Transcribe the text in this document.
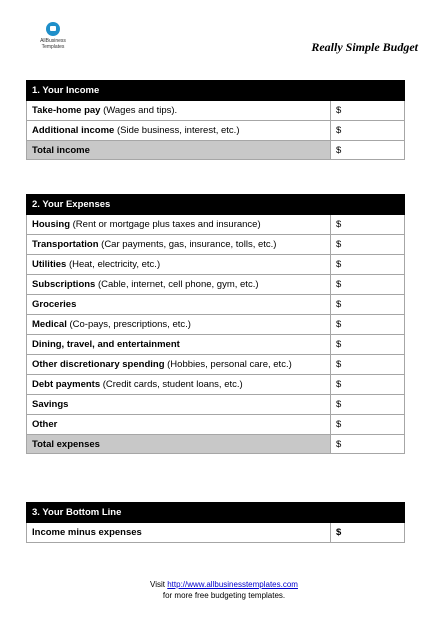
AllBusiness Templates	Really Simple Budget
1. Your Income	
Take-home pay (Wages and tips).	$
Additional income (Side business, interest, etc.)	$
Total income	$
2. Your Expenses	
Housing (Rent or mortgage plus taxes and insurance)	$
Transportation (Car payments, gas, insurance, tolls, etc.)	$
Utilities (Heat, electricity, etc.)	$
Subscriptions (Cable, internet, cell phone, gym, etc.)	$
Groceries	$
Medical (Co-pays, prescriptions, etc.)	$
Dining, travel, and entertainment	$
Other discretionary spending (Hobbies, personal care, etc.)	$
Debt payments (Credit cards, student loans, etc.)	$
Savings	$
Other	$
Total expenses	$
3. Your Bottom Line	
Income minus expenses	$
Visit http://www.allbusinesstemplates.com
for more free budgeting templates.
